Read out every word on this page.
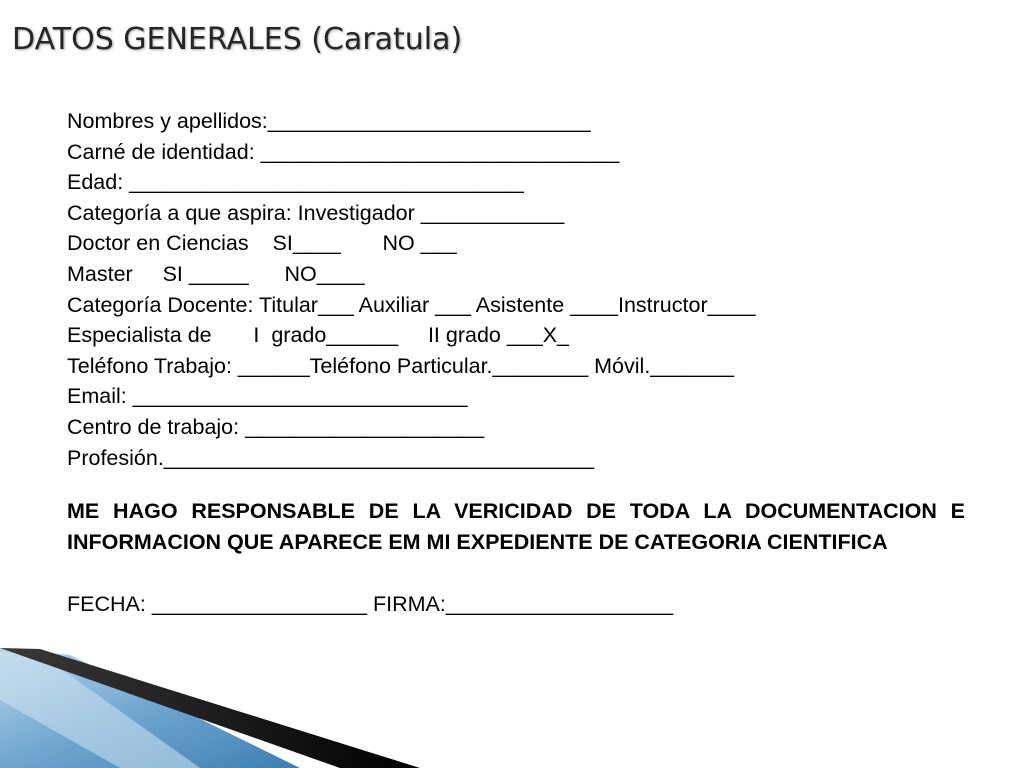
DATOS GENERALES (Caratula)
Nombres y apellidos:___________________________
Carné de identidad: ______________________________
Edad: _________________________________
Categoría a que aspira: Investigador ____________
Doctor en Ciencias    SI____       NO ___
Master     SI _____      NO____
Categoría Docente: Titular___ Auxiliar ___ Asistente ____Instructor____
Especialista de       I  grado______     II grado ___X_
Teléfono Trabajo: ______Teléfono Particular.________ Móvil._______
Email: ____________________________
Centro de trabajo: ____________________
Profesión.____________________________________
ME HAGO RESPONSABLE DE LA VERICIDAD DE TODA LA DOCUMENTACION E INFORMACION QUE APARECE EM MI EXPEDIENTE DE CATEGORIA CIENTIFICA
FECHA: __________________ FIRMA:___________________
